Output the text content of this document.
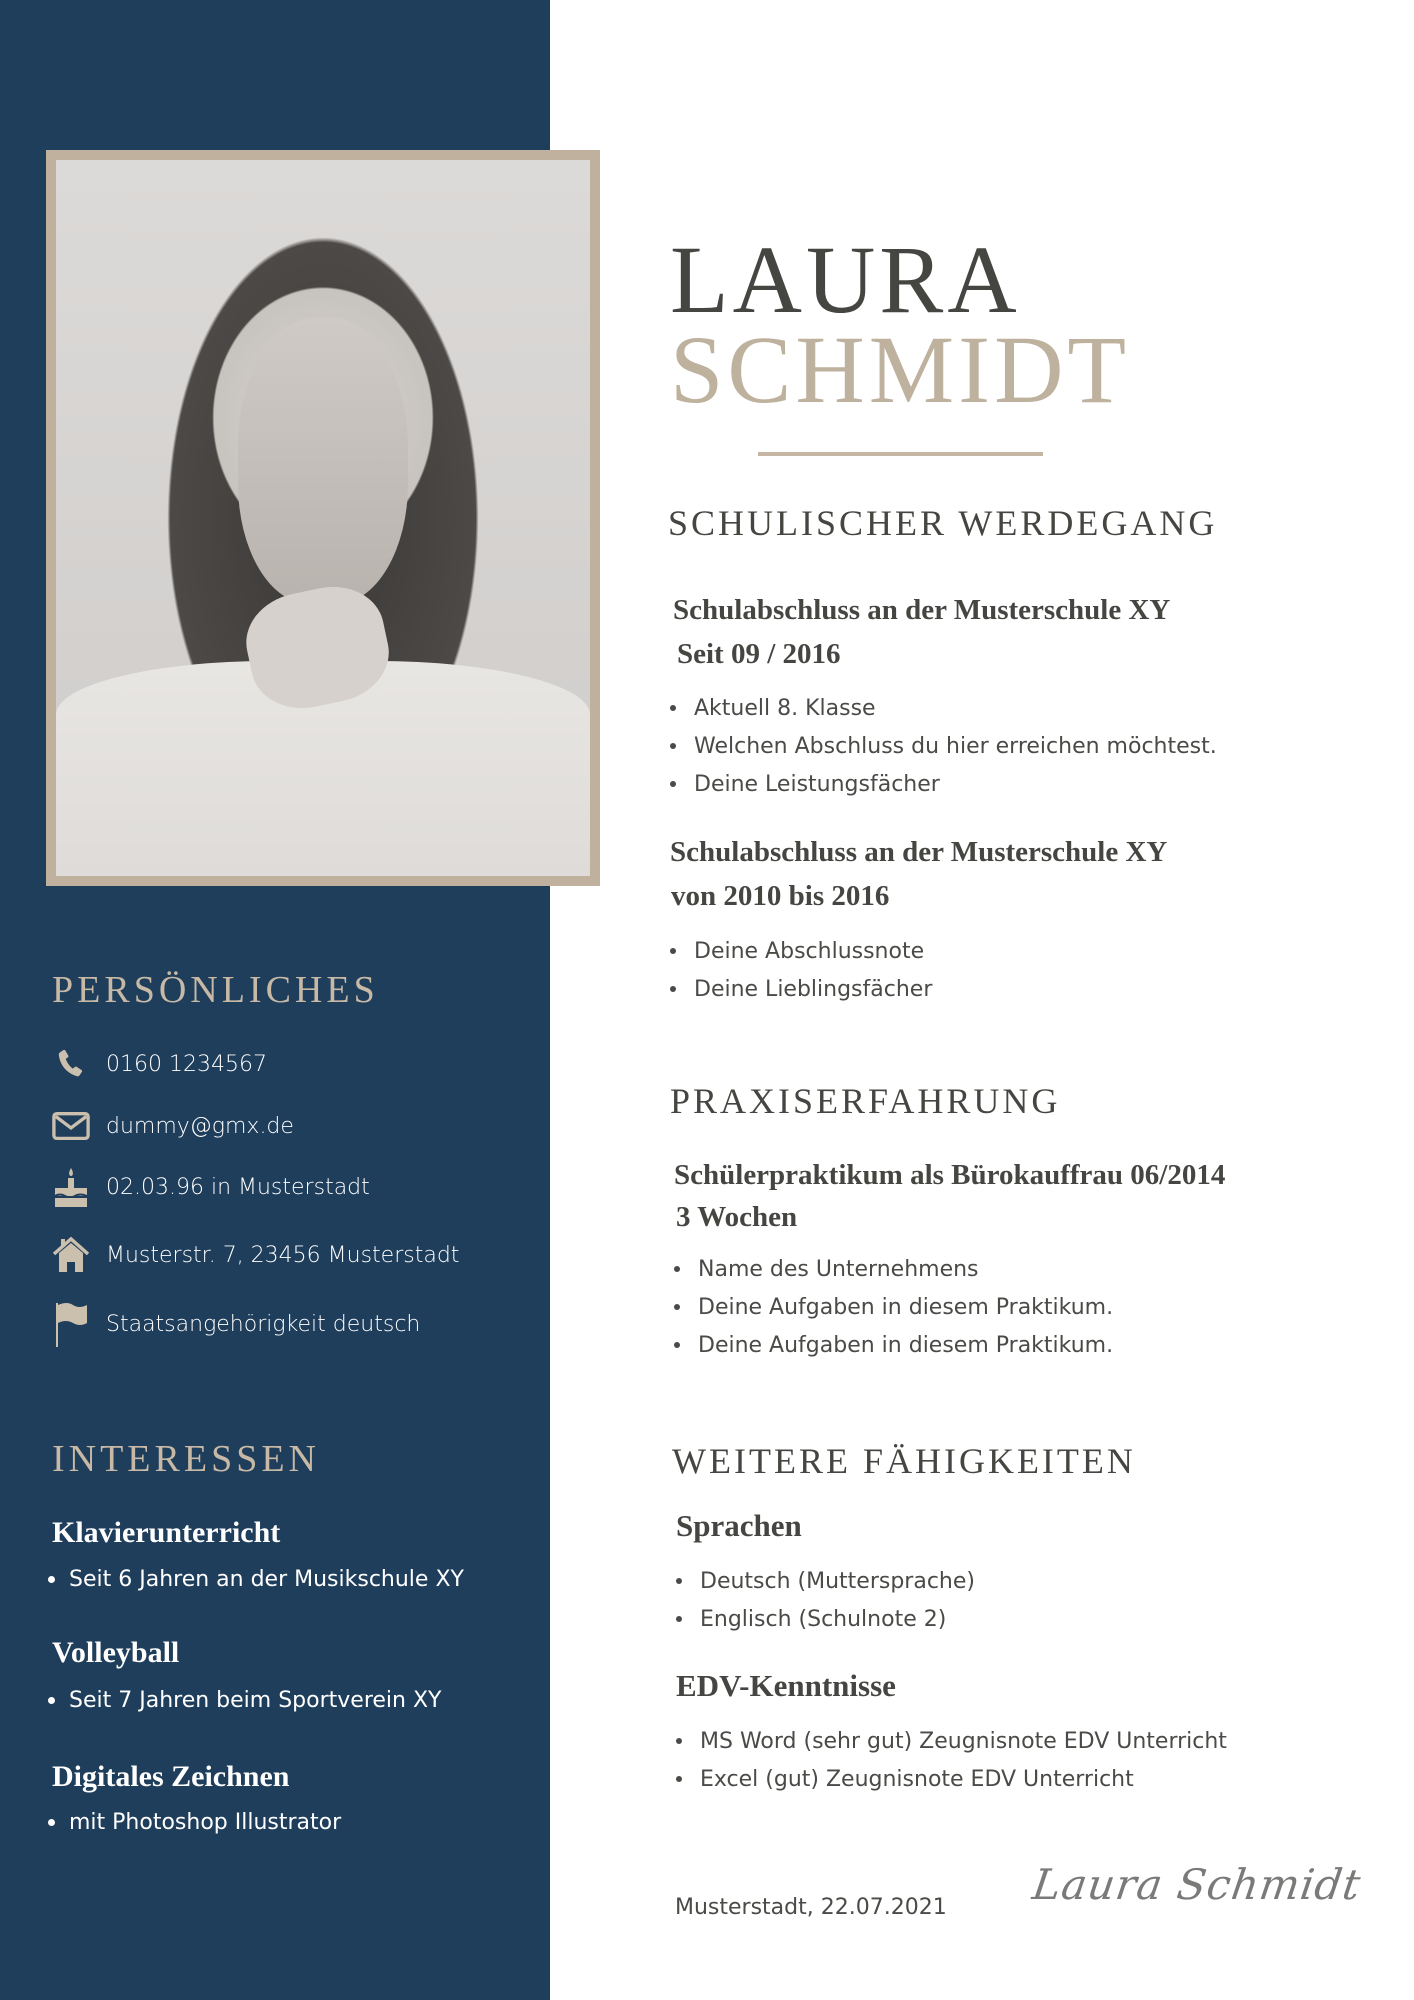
PERSÖNLICHES
0160 1234567
dummy@gmx.de
02.03.96 in Musterstadt
Musterstr. 7, 23456 Musterstadt
Staatsangehörigkeit deutsch
INTERESSEN
Klavierunterricht
Seit 6 Jahren an der Musikschule XY
Volleyball
Seit 7 Jahren beim Sportverein XY
Digitales Zeichnen
mit Photoshop Illustrator
LAURA
SCHMIDT
SCHULISCHER WERDEGANG
Schulabschluss an der Musterschule XY
Seit 09 / 2016
Aktuell 8. Klasse
Welchen Abschluss du hier erreichen möchtest.
Deine Leistungsfächer
Schulabschluss an der Musterschule XY
von 2010 bis 2016
Deine Abschlussnote
Deine Lieblingsfächer
PRAXISERFAHRUNG
Schülerpraktikum als Bürokauffrau 06/2014
3 Wochen
Name des Unternehmens
Deine Aufgaben in diesem Praktikum.
Deine Aufgaben in diesem Praktikum.
WEITERE FÄHIGKEITEN
Sprachen
Deutsch (Muttersprache)
Englisch (Schulnote 2)
EDV-Kenntnisse
MS Word (sehr gut) Zeugnisnote EDV Unterricht
Excel (gut) Zeugnisnote EDV Unterricht
Musterstadt, 22.07.2021 Laura Schmidt
